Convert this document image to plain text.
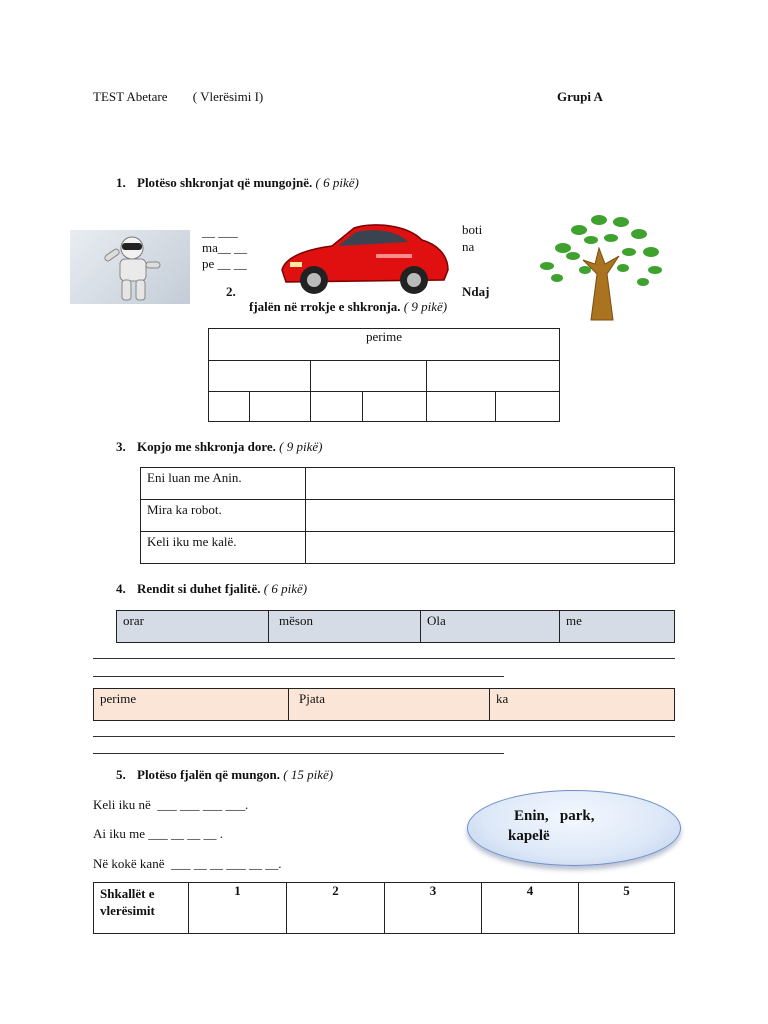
TEST Abetare ( Vlerësimi I)	Grupi A
1. Plotëso shkronjat që mungojnë. ( 6 pikë)
__ ___
ma__ __
pe __ __
boti
na
2.	Ndaj
fjalën në rrokje e shkronja. ( 9 pikë)
perime					

3. Kopjo me shkronja dore. ( 9 pikë)
Eni luan me Anin.	
Mira ka robot.	
Keli iku me kalë.	
4. Rendit si duhet fjalitë. ( 6 pikë)
orar	mëson	Ola	me
perime	Pjata	ka
5. Plotëso fjalën që mungon. ( 15 pikë)
Keli iku në  ___ ___ ___ ___.
Ai iku me ___ __ __ __ .
Në kokë kanë  ___ __ __ ___ __ __.
Enin,   park,
kapelë
Shkallët e
vlerësimit
	1	2	3	4	5
